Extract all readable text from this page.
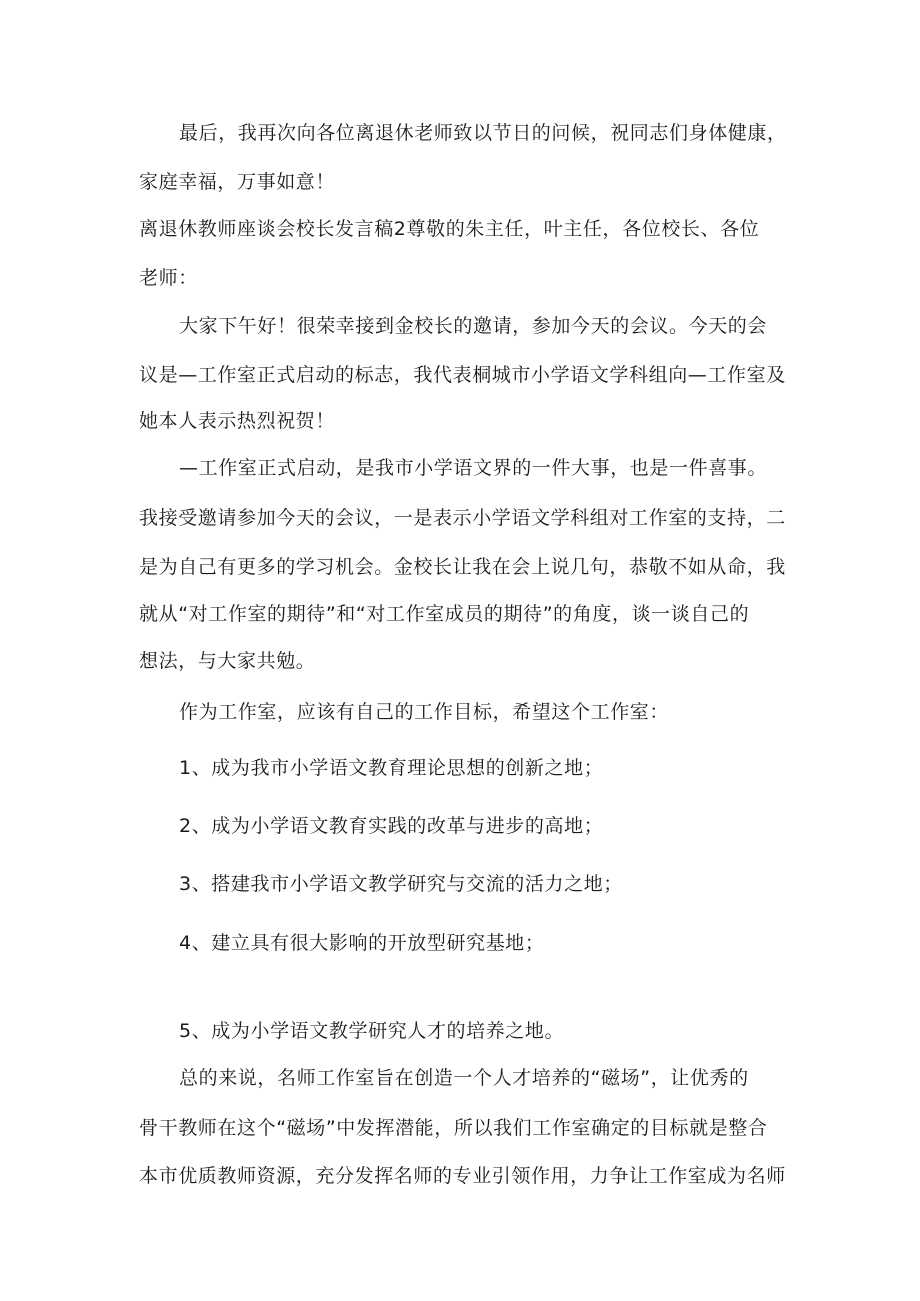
最后，我再次向各位离退休老师致以节日的问候，祝同志们身体健康，
家庭幸福，万事如意！
离退休教师座谈会校长发言稿2尊敬的朱主任，叶主任，各位校长、各位
老师：
大家下午好！很荣幸接到金校长的邀请，参加今天的会议。今天的会
议是—工作室正式启动的标志，我代表桐城市小学语文学科组向—工作室及
她本人表示热烈祝贺！
—工作室正式启动，是我市小学语文界的一件大事，也是一件喜事。
我接受邀请参加今天的会议，一是表示小学语文学科组对工作室的支持，二
是为自己有更多的学习机会。金校长让我在会上说几句，恭敬不如从命，我
就从“对工作室的期待”和“对工作室成员的期待”的角度，谈一谈自己的
想法，与大家共勉。
作为工作室，应该有自己的工作目标，希望这个工作室：
1、成为我市小学语文教育理论思想的创新之地；
2、成为小学语文教育实践的改革与进步的高地；
3、搭建我市小学语文教学研究与交流的活力之地；
4、建立具有很大影响的开放型研究基地；
5、成为小学语文教学研究人才的培养之地。
总的来说，名师工作室旨在创造一个人才培养的“磁场”，让优秀的
骨干教师在这个“磁场”中发挥潜能，所以我们工作室确定的目标就是整合
本市优质教师资源，充分发挥名师的专业引领作用，力争让工作室成为名师
